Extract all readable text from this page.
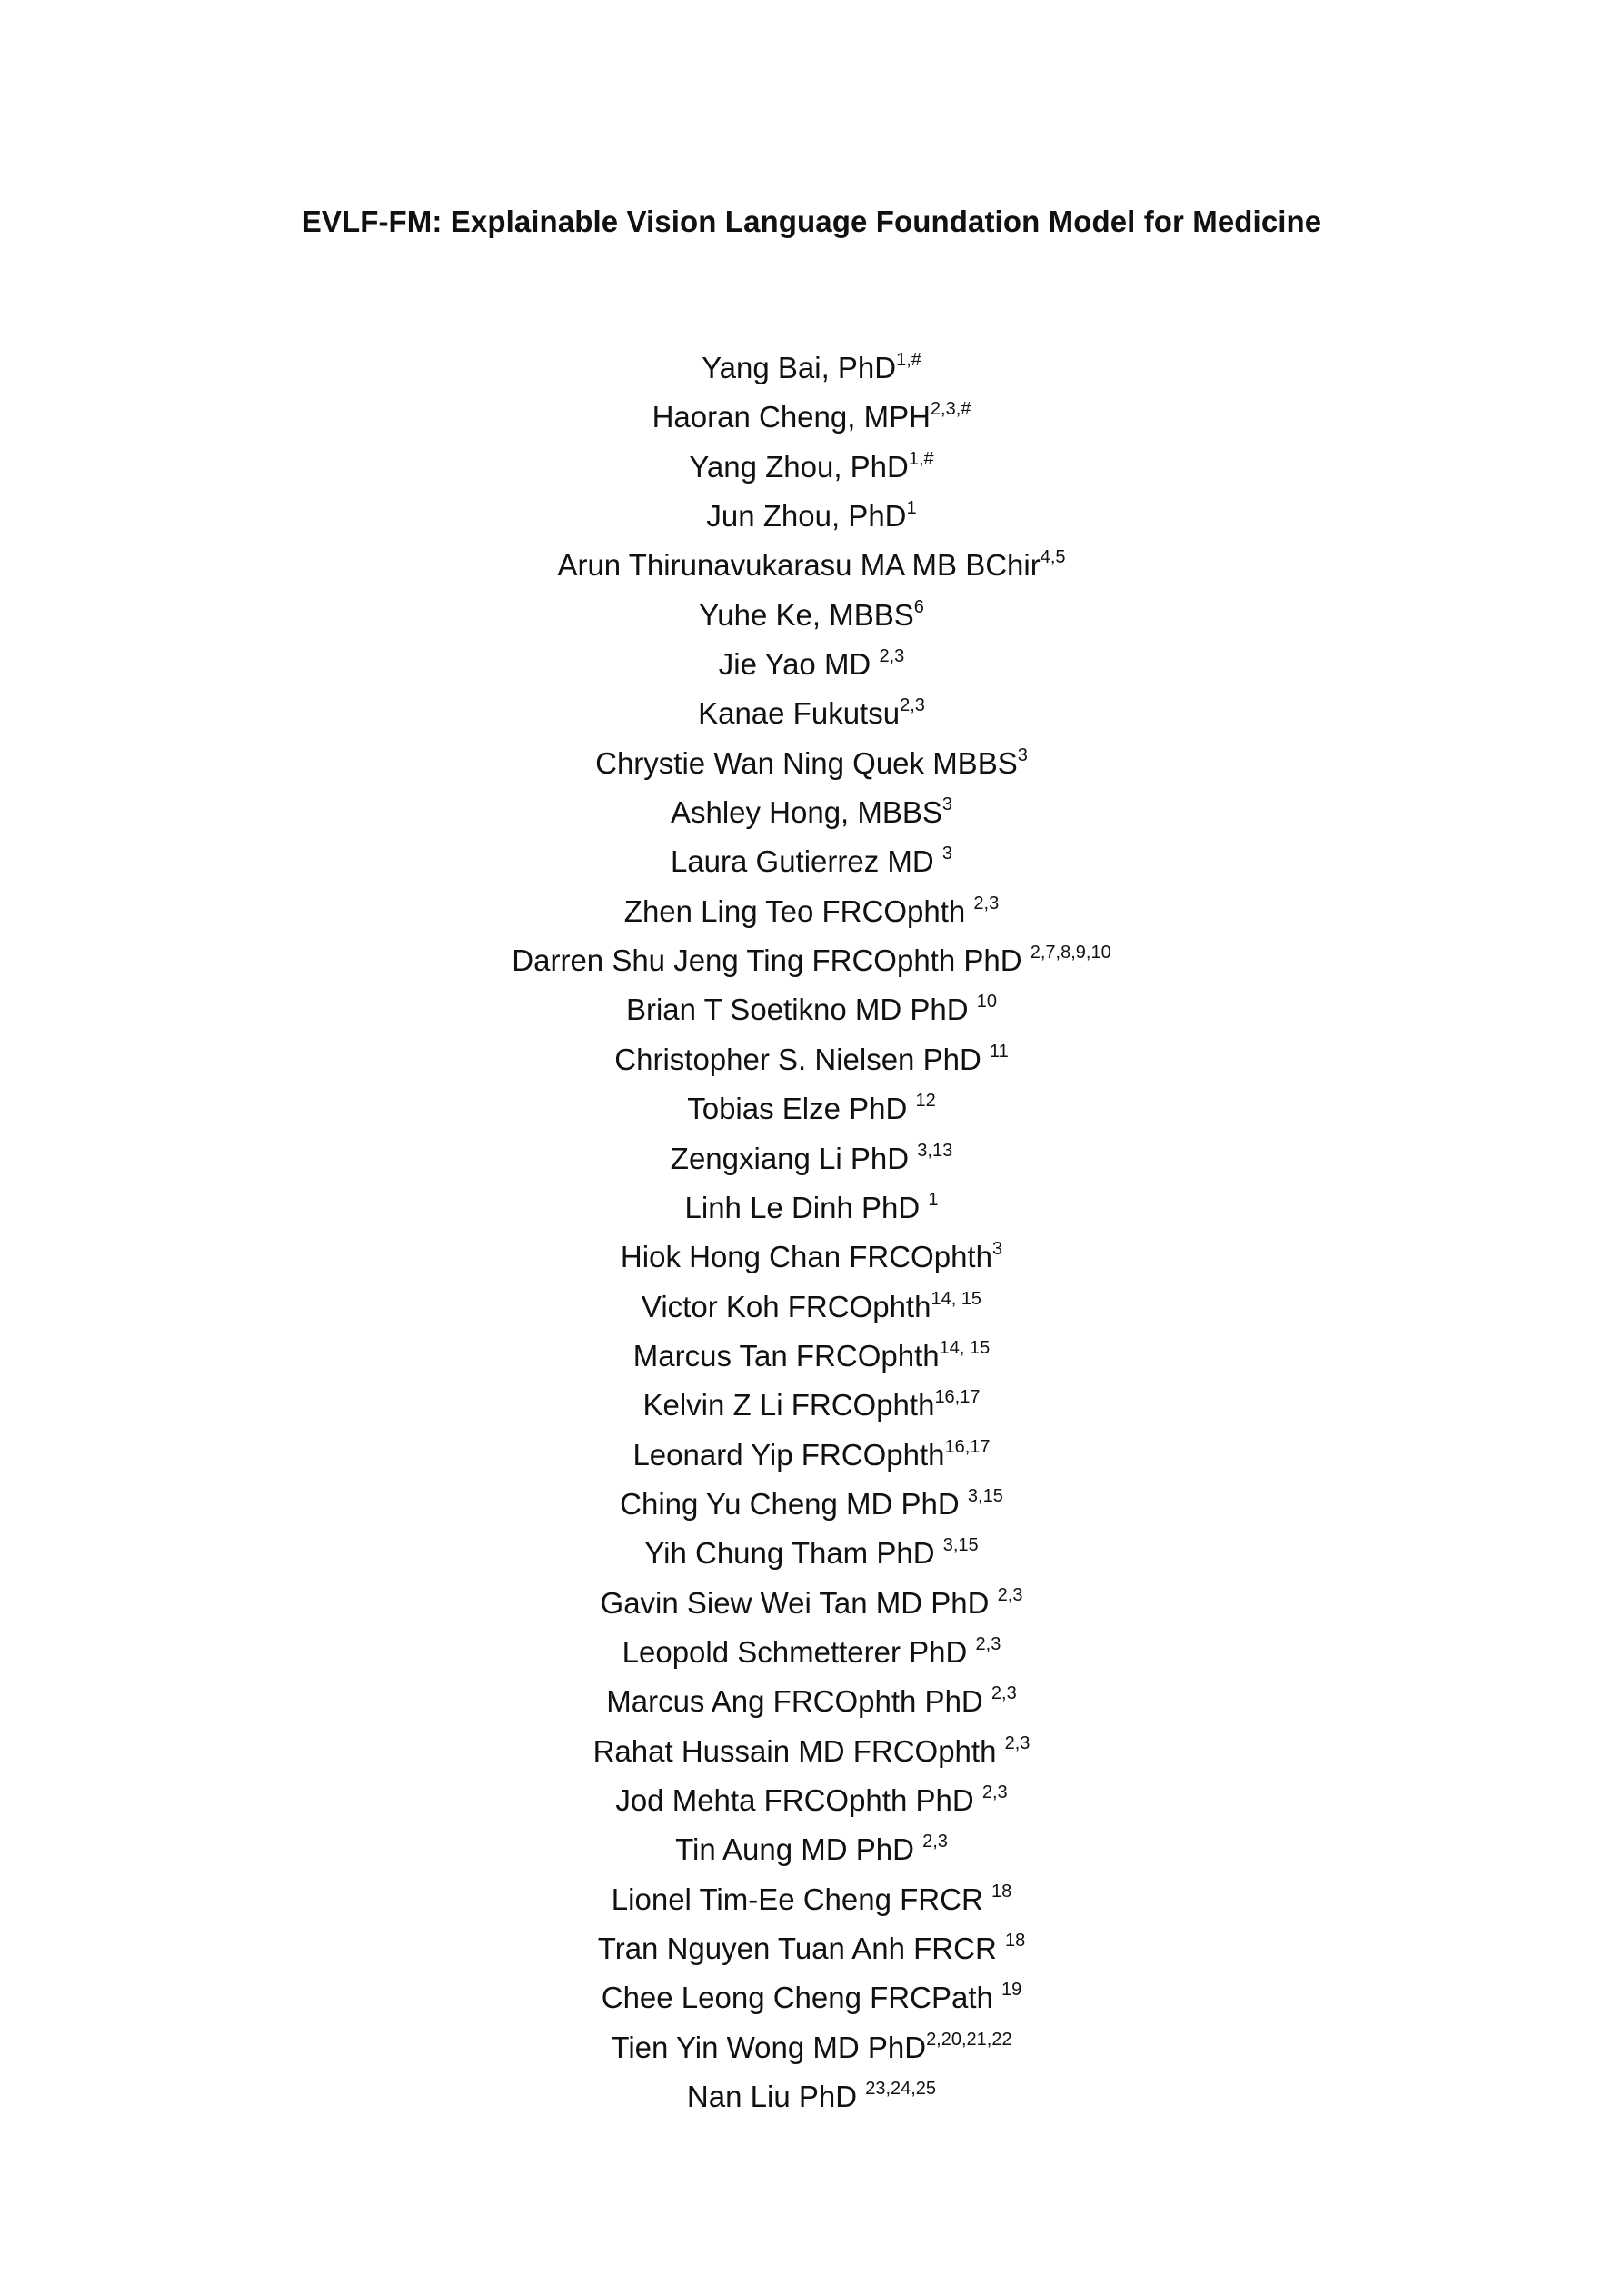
EVLF-FM: Explainable Vision Language Foundation Model for Medicine
Yang Bai, PhD$^{1,\#}$
Haoran Cheng, MPH$^{2,3,\#}$
Yang Zhou, PhD$^{1,\#}$
Jun Zhou, PhD$^1$
Arun Thirunavukarasu MA MB BChir$^{4,5}$
Yuhe Ke, MBBS$^6$
Jie Yao MD $^{2,3}$
Kanae Fukutsu$^{2,3}$
Chrystie Wan Ning Quek MBBS$^3$
Ashley Hong, MBBS$^3$
Laura Gutierrez MD $^3$
Zhen Ling Teo FRCOphth $^{2,3}$
Darren Shu Jeng Ting FRCOphth PhD $^{2,7,8,9,10}$
Brian T Soetikno MD PhD $^{10}$
Christopher S. Nielsen PhD $^{11}$
Tobias Elze PhD $^{12}$
Zengxiang Li PhD $^{3,13}$
Linh Le Dinh PhD $^1$
Hiok Hong Chan FRCOphth$^3$
Victor Koh FRCOphth$^{14, 15}$
Marcus Tan FRCOphth$^{14, 15}$
Kelvin Z Li FRCOphth$^{16,17}$
Leonard Yip FRCOphth$^{16,17}$
Ching Yu Cheng MD PhD $^{3,15}$
Yih Chung Tham PhD $^{3,15}$
Gavin Siew Wei Tan MD PhD $^{2,3}$
Leopold Schmetterer PhD $^{2,3}$
Marcus Ang FRCOphth PhD $^{2,3}$
Rahat Hussain MD FRCOphth $^{2,3}$
Jod Mehta FRCOphth PhD $^{2,3}$
Tin Aung MD PhD $^{2,3}$
Lionel Tim-Ee Cheng FRCR $^{18}$
Tran Nguyen Tuan Anh FRCR $^{18}$
Chee Leong Cheng FRCPath $^{19}$
Tien Yin Wong MD PhD$^{2,20,21,22}$
Nan Liu PhD $^{23,24,25}$
